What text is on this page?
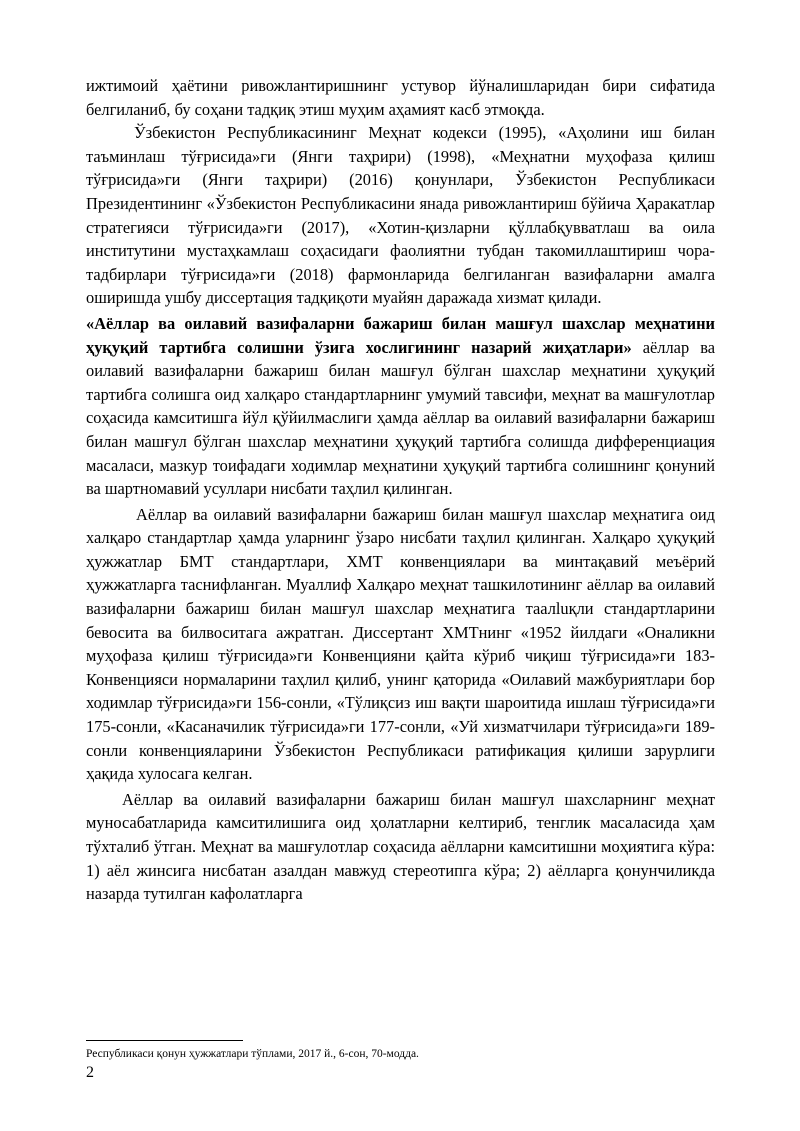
ижтимоий ҳаётини ривожлантиришнинг устувор йўналишларидан бири сифатида белгиланиб, бу соҳани тадқиқ этиш муҳим аҳамият касб этмоқда.

Ўзбекистон Республикасининг Меҳнат кодекси (1995), «Аҳолини иш билан таъминлаш тўғрисида»ги (Янги таҳрири) (1998), «Меҳнатни муҳофаза қилиш тўғрисида»ги (Янги таҳрири) (2016) қонунлари, Ўзбекистон Республикаси Президентининг «Ўзбекистон Республикасини янада ривожлантириш бўйича Ҳаракатлар стратегияси тўғрисида»ги (2017), «Хотин-қизларни қўллабқувватлаш ва оила институтини мустаҳкамлаш соҳасидаги фаолиятни тубдан такомиллаштириш чора-тадбирлари тўғрисида»ги (2018) фармонларида белгиланган вазифаларни амалга оширишда ушбу диссертация тадқиқоти муайян даражада хизмат қилади.

«Аёллар ва оилавий вазифаларни бажариш билан машғул шахслар меҳнатини ҳуқуқий тартибга солишни ўзига хослигининг назарий жиҳатлари» аёллар ва оилавий вазифаларни бажариш билан машғул бўлган шахслар меҳнатини ҳуқуқий тартибга солишга оид халқаро стандартларнинг умумий тавсифи, меҳнат ва машғулотлар соҳасида камситишга йўл қўйилмаслиги ҳамда аёллар ва оилавий вазифаларни бажариш билан машғул бўлган шахслар меҳнатини ҳуқуқий тартибга солишда дифференциация масаласи, мазкур тоифадаги ходимлар меҳнатини ҳуқуқий тартибга солишнинг қонуний ва шартномавий усуллари нисбати таҳлил қилинган.

Аёллар ва оилавий вазифаларни бажариш билан машғул шахслар меҳнатига оид халқаро стандартлар ҳамда уларнинг ўзаро нисбати таҳлил қилинган. Халқаро ҳуқуқий ҳужжатлар БМТ стандартлари, ХМТ конвенциялари ва минтақавий меъёрий ҳужжатларга таснифланган. Муаллиф Халқаро меҳнат ташкилотининг аёллар ва оилавий вазифаларни бажариш билан машғул шахслар меҳнатига таалluқли стандартларини бевосита ва билвоситага ажратган. Диссертант ХМТнинг «1952 йилдаги «Оналикни муҳофаза қилиш тўғрисида»ги Конвенцияни қайта кўриб чиқиш тўғрисида»ги 183-Конвенцияси нормаларини таҳлил қилиб, унинг қаторида «Оилавий мажбуриятлари бор ходимлар тўғрисида»ги 156-сонли, «Тўлиқсиз иш вақти шароитида ишлаш тўғрисида»ги 175-сонли, «Касаначилик тўғрисида»ги 177-сонли, «Уй хизматчилари тўғрисида»ги 189-сонли конвенцияларини Ўзбекистон Республикаси ратификация қилиши зарурлиги ҳақида хулосага келган.

Аёллар ва оилавий вазифаларни бажариш билан машғул шахсларнинг меҳнат муносабатларида камситилишига оид ҳолатларни келтириб, тенглик масаласида ҳам тўхталиб ўтган. Меҳнат ва машғулотлар соҳасида аёлларни камситишни моҳиятига кўра: 1) аёл жинсига нисбатан азалдан мавжуд стереотипга кўра; 2) аёлларга қонунчиликда назарда тутилган кафолатларга

Республикаси қонун ҳужжатлари тўплами, 2017 й., 6-сон, 70-модда.
2
